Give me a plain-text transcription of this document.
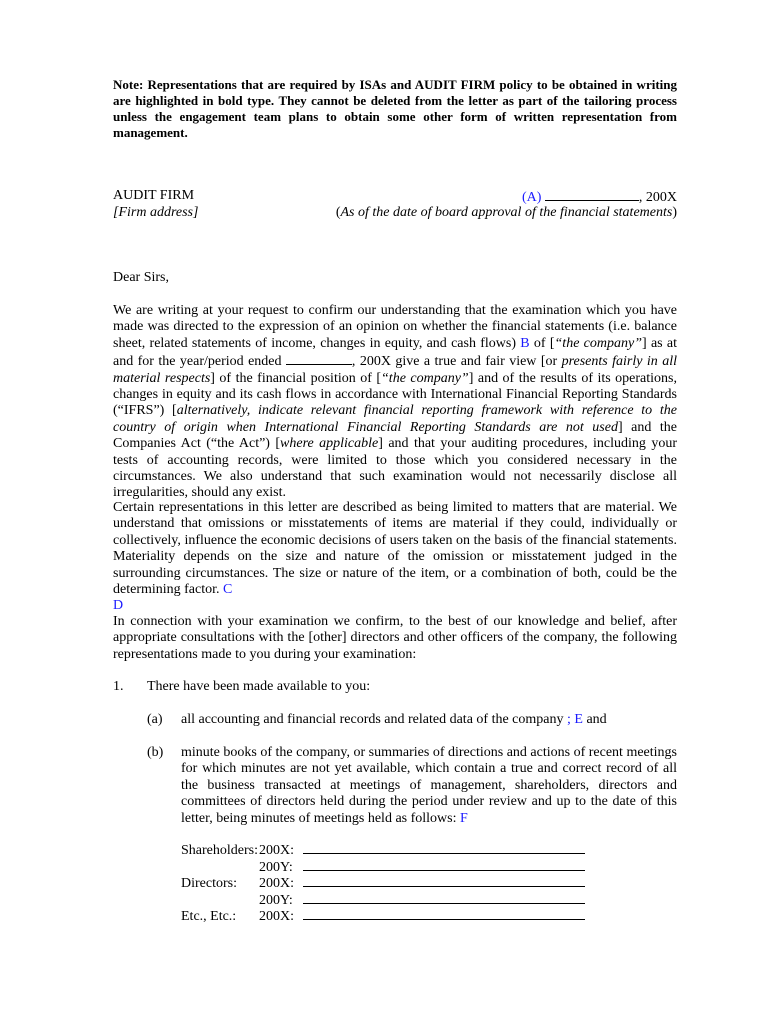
Note: Representations that are required by ISAs and AUDIT FIRM policy to be obtained in writing are highlighted in bold type. They cannot be deleted from the letter as part of the tailoring process unless the engagement team plans to obtain some other form of written representation from management.
AUDIT FIRM
[Firm address]
(A)	, 200X
(As of the date of board approval of the financial statements)
Dear Sirs,
We are writing at your request to confirm our understanding that the examination which you have made was directed to the expression of an opinion on whether the financial statements (i.e. balance sheet, related statements of income, changes in equity, and cash flows) B of [“the company”] as at and for the year/period ended	, 200X give a true and fair view [or presents fairly in all material respects] of the financial position of [“the company”] and of the results of its operations, changes in equity and its cash flows in accordance with International Financial Reporting Standards (“IFRS”) [alternatively, indicate relevant financial reporting framework with reference to the country of origin when International Financial Reporting Standards are not used] and the Companies Act (“the Act”) [where applicable] and that your auditing procedures, including your tests of accounting records, were limited to those which you considered necessary in the circumstances. We also understand that such examination would not necessarily disclose all irregularities, should any exist.
Certain representations in this letter are described as being limited to matters that are material. We understand that omissions or misstatements of items are material if they could, individually or collectively, influence the economic decisions of users taken on the basis of the financial statements. Materiality depends on the size and nature of the omission or misstatement judged in the surrounding circumstances. The size or nature of the item, or a combination of both, could be the determining factor. C
D
In connection with your examination we confirm, to the best of our knowledge and belief, after appropriate consultations with the [other] directors and other officers of the company, the following representations made to you during your examination:
1. There have been made available to you:
(a) all accounting and financial records and related data of the company ; E and
(b) minute books of the company, or summaries of directions and actions of recent meetings for which minutes are not yet available, which contain a true and correct record of all the business transacted at meetings of management, shareholders, directors and committees of directors held during the period under review and up to the date of this letter, being minutes of meetings held as follows: F
Shareholders:200X:
200Y:
Directors: 200X:
200Y:
Etc., Etc.: 200X:
